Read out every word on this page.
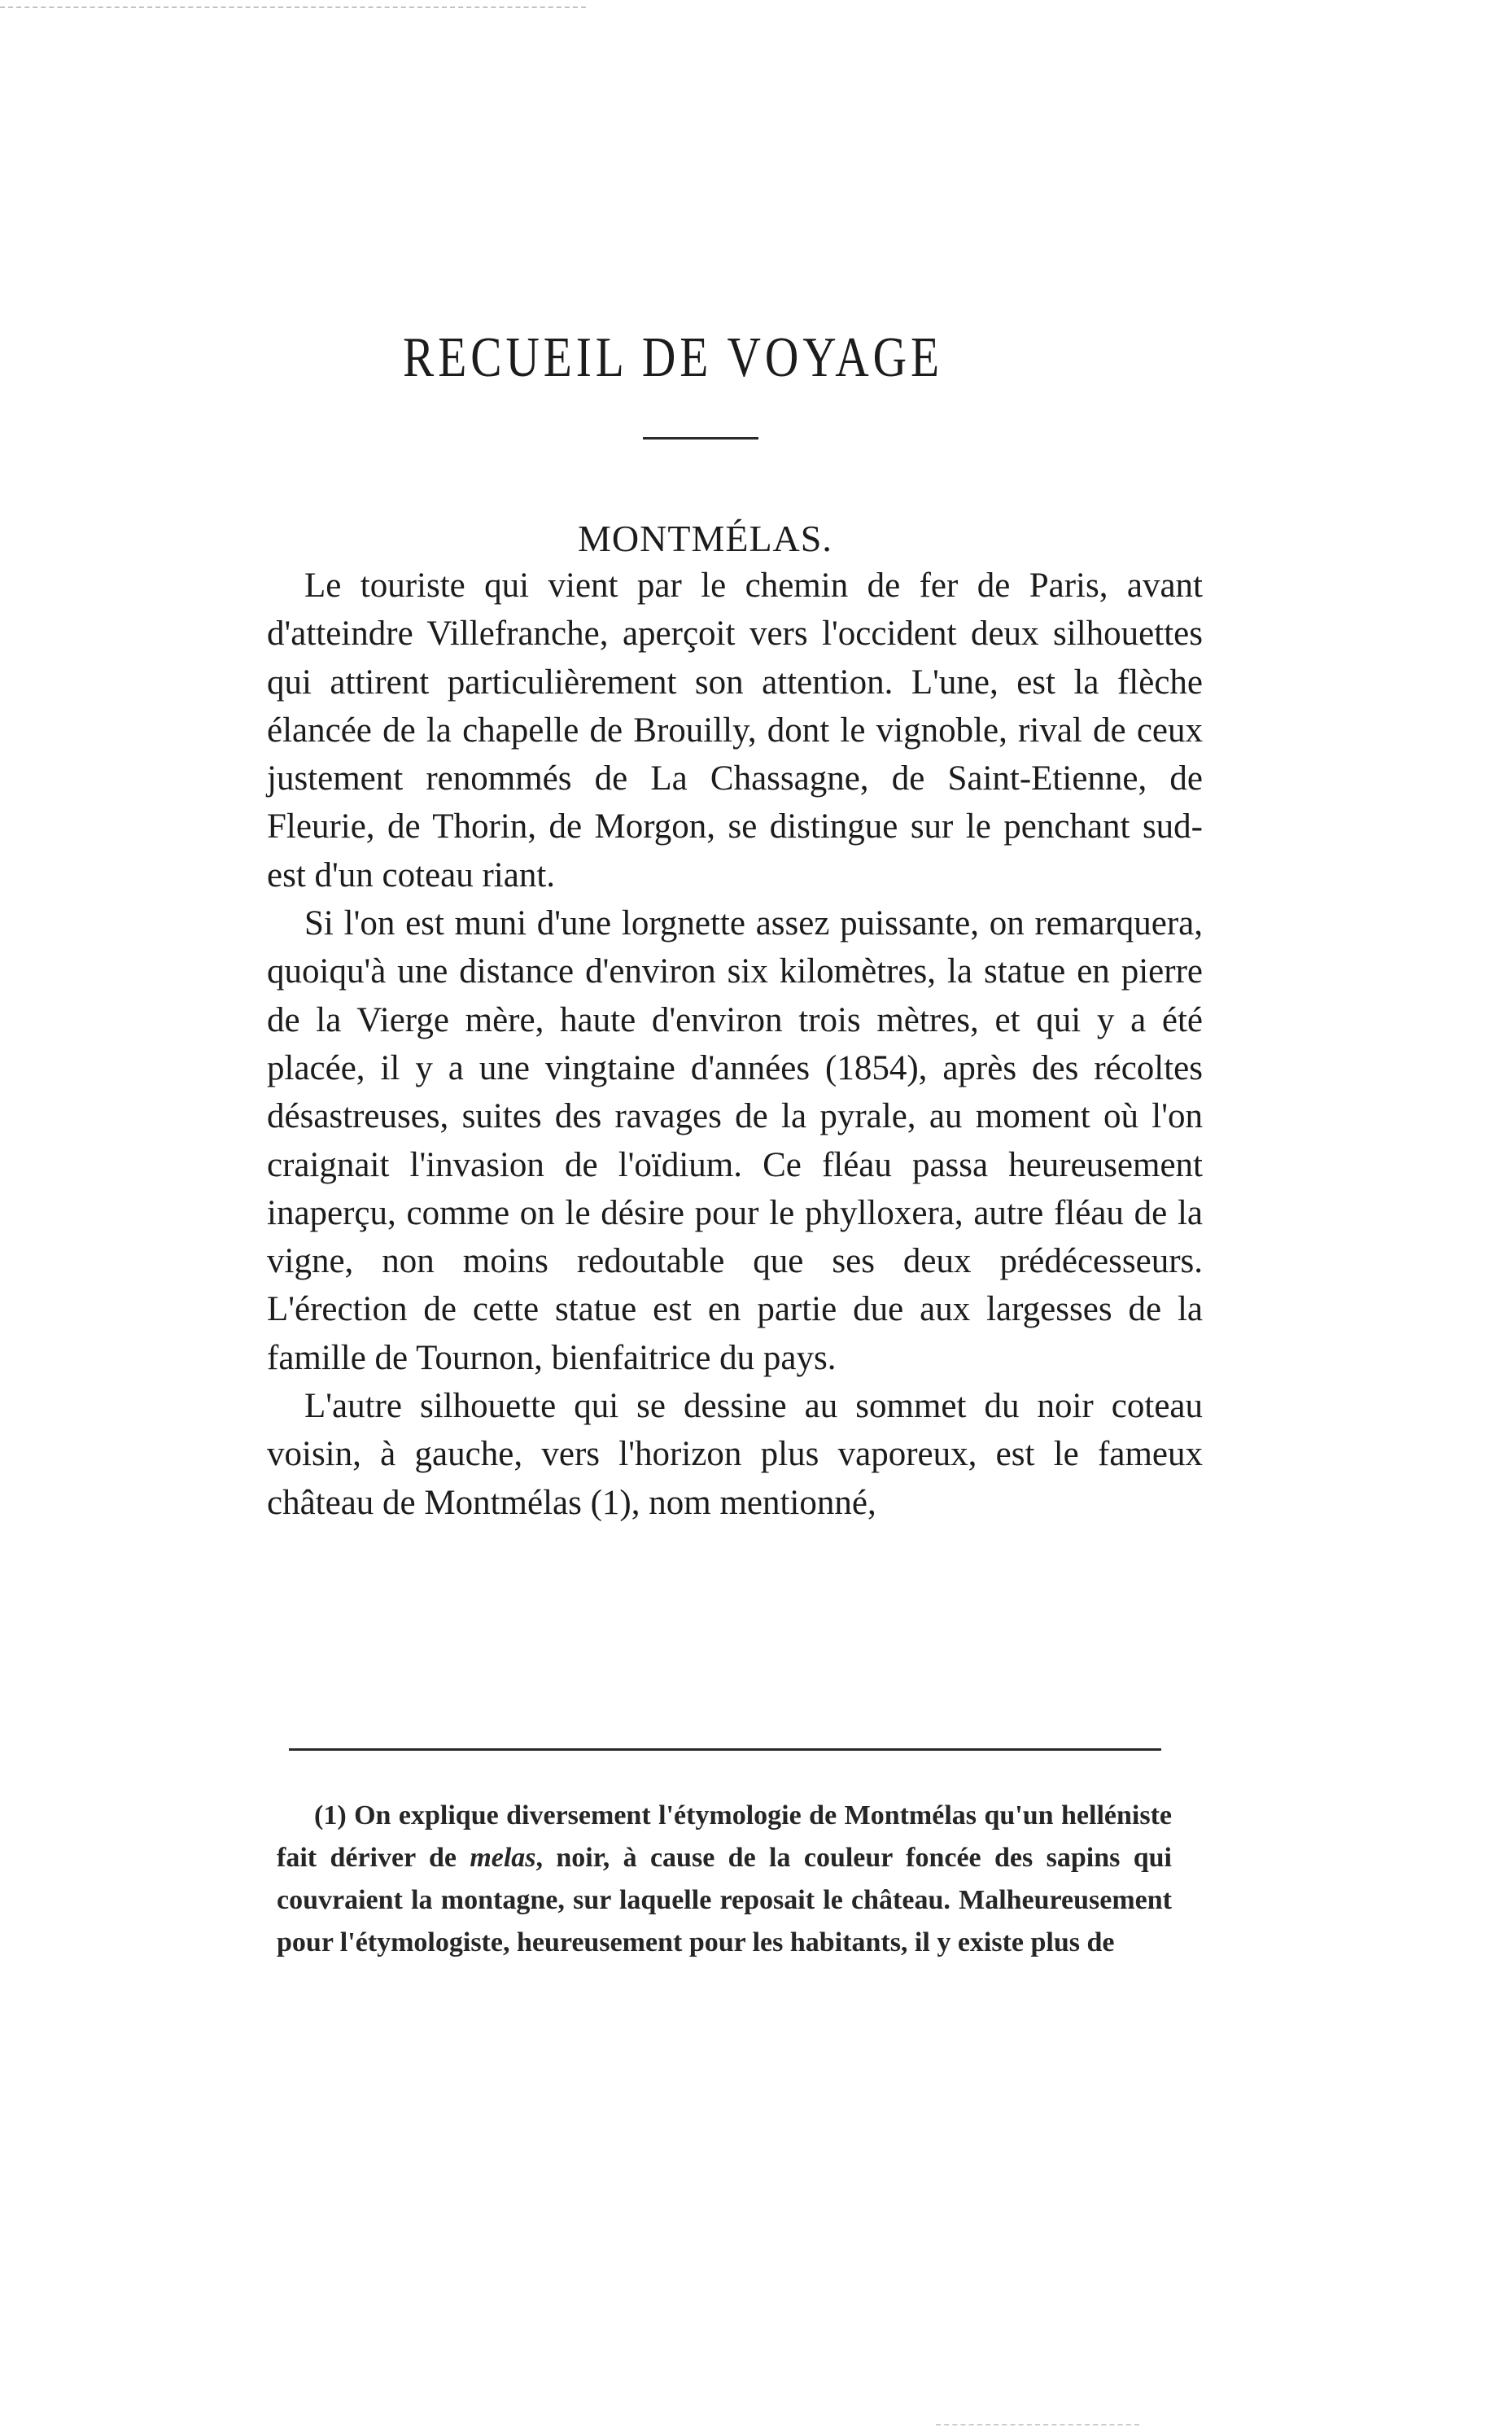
RECUEIL DE VOYAGE
MONTMÉLAS.

Le touriste qui vient par le chemin de fer de Paris, avant d'atteindre Villefranche, aperçoit vers l'occident deux silhouettes qui attirent particulièrement son attention. L'une, est la flèche élancée de la chapelle de Brouilly, dont le vignoble, rival de ceux justement renommés de La Chassagne, de Saint-Etienne, de Fleurie, de Thorin, de Morgon, se distingue sur le penchant sud-est d'un coteau riant.

Si l'on est muni d'une lorgnette assez puissante, on remarquera, quoiqu'à une distance d'environ six kilomètres, la statue en pierre de la Vierge mère, haute d'environ trois mètres, et qui y a été placée, il y a une vingtaine d'années (1854), après des récoltes désastreuses, suites des ravages de la pyrale, au moment où l'on craignait l'invasion de l'oïdium. Ce fléau passa heureusement inaperçu, comme on le désire pour le phylloxera, autre fléau de la vigne, non moins redoutable que ses deux prédécesseurs. L'érection de cette statue est en partie due aux largesses de la famille de Tournon, bienfaitrice du pays.

L'autre silhouette qui se dessine au sommet du noir coteau voisin, à gauche, vers l'horizon plus vaporeux, est le fameux château de Montmélas (1), nom mentionné,

(1) On explique diversement l'étymologie de Montmélas qu'un helléniste fait dériver de melas, noir, à cause de la couleur foncée des sapins qui couvraient la montagne, sur laquelle reposait le château. Malheureusement pour l'étymologiste, heureusement pour les habitants, il y existe plus de
